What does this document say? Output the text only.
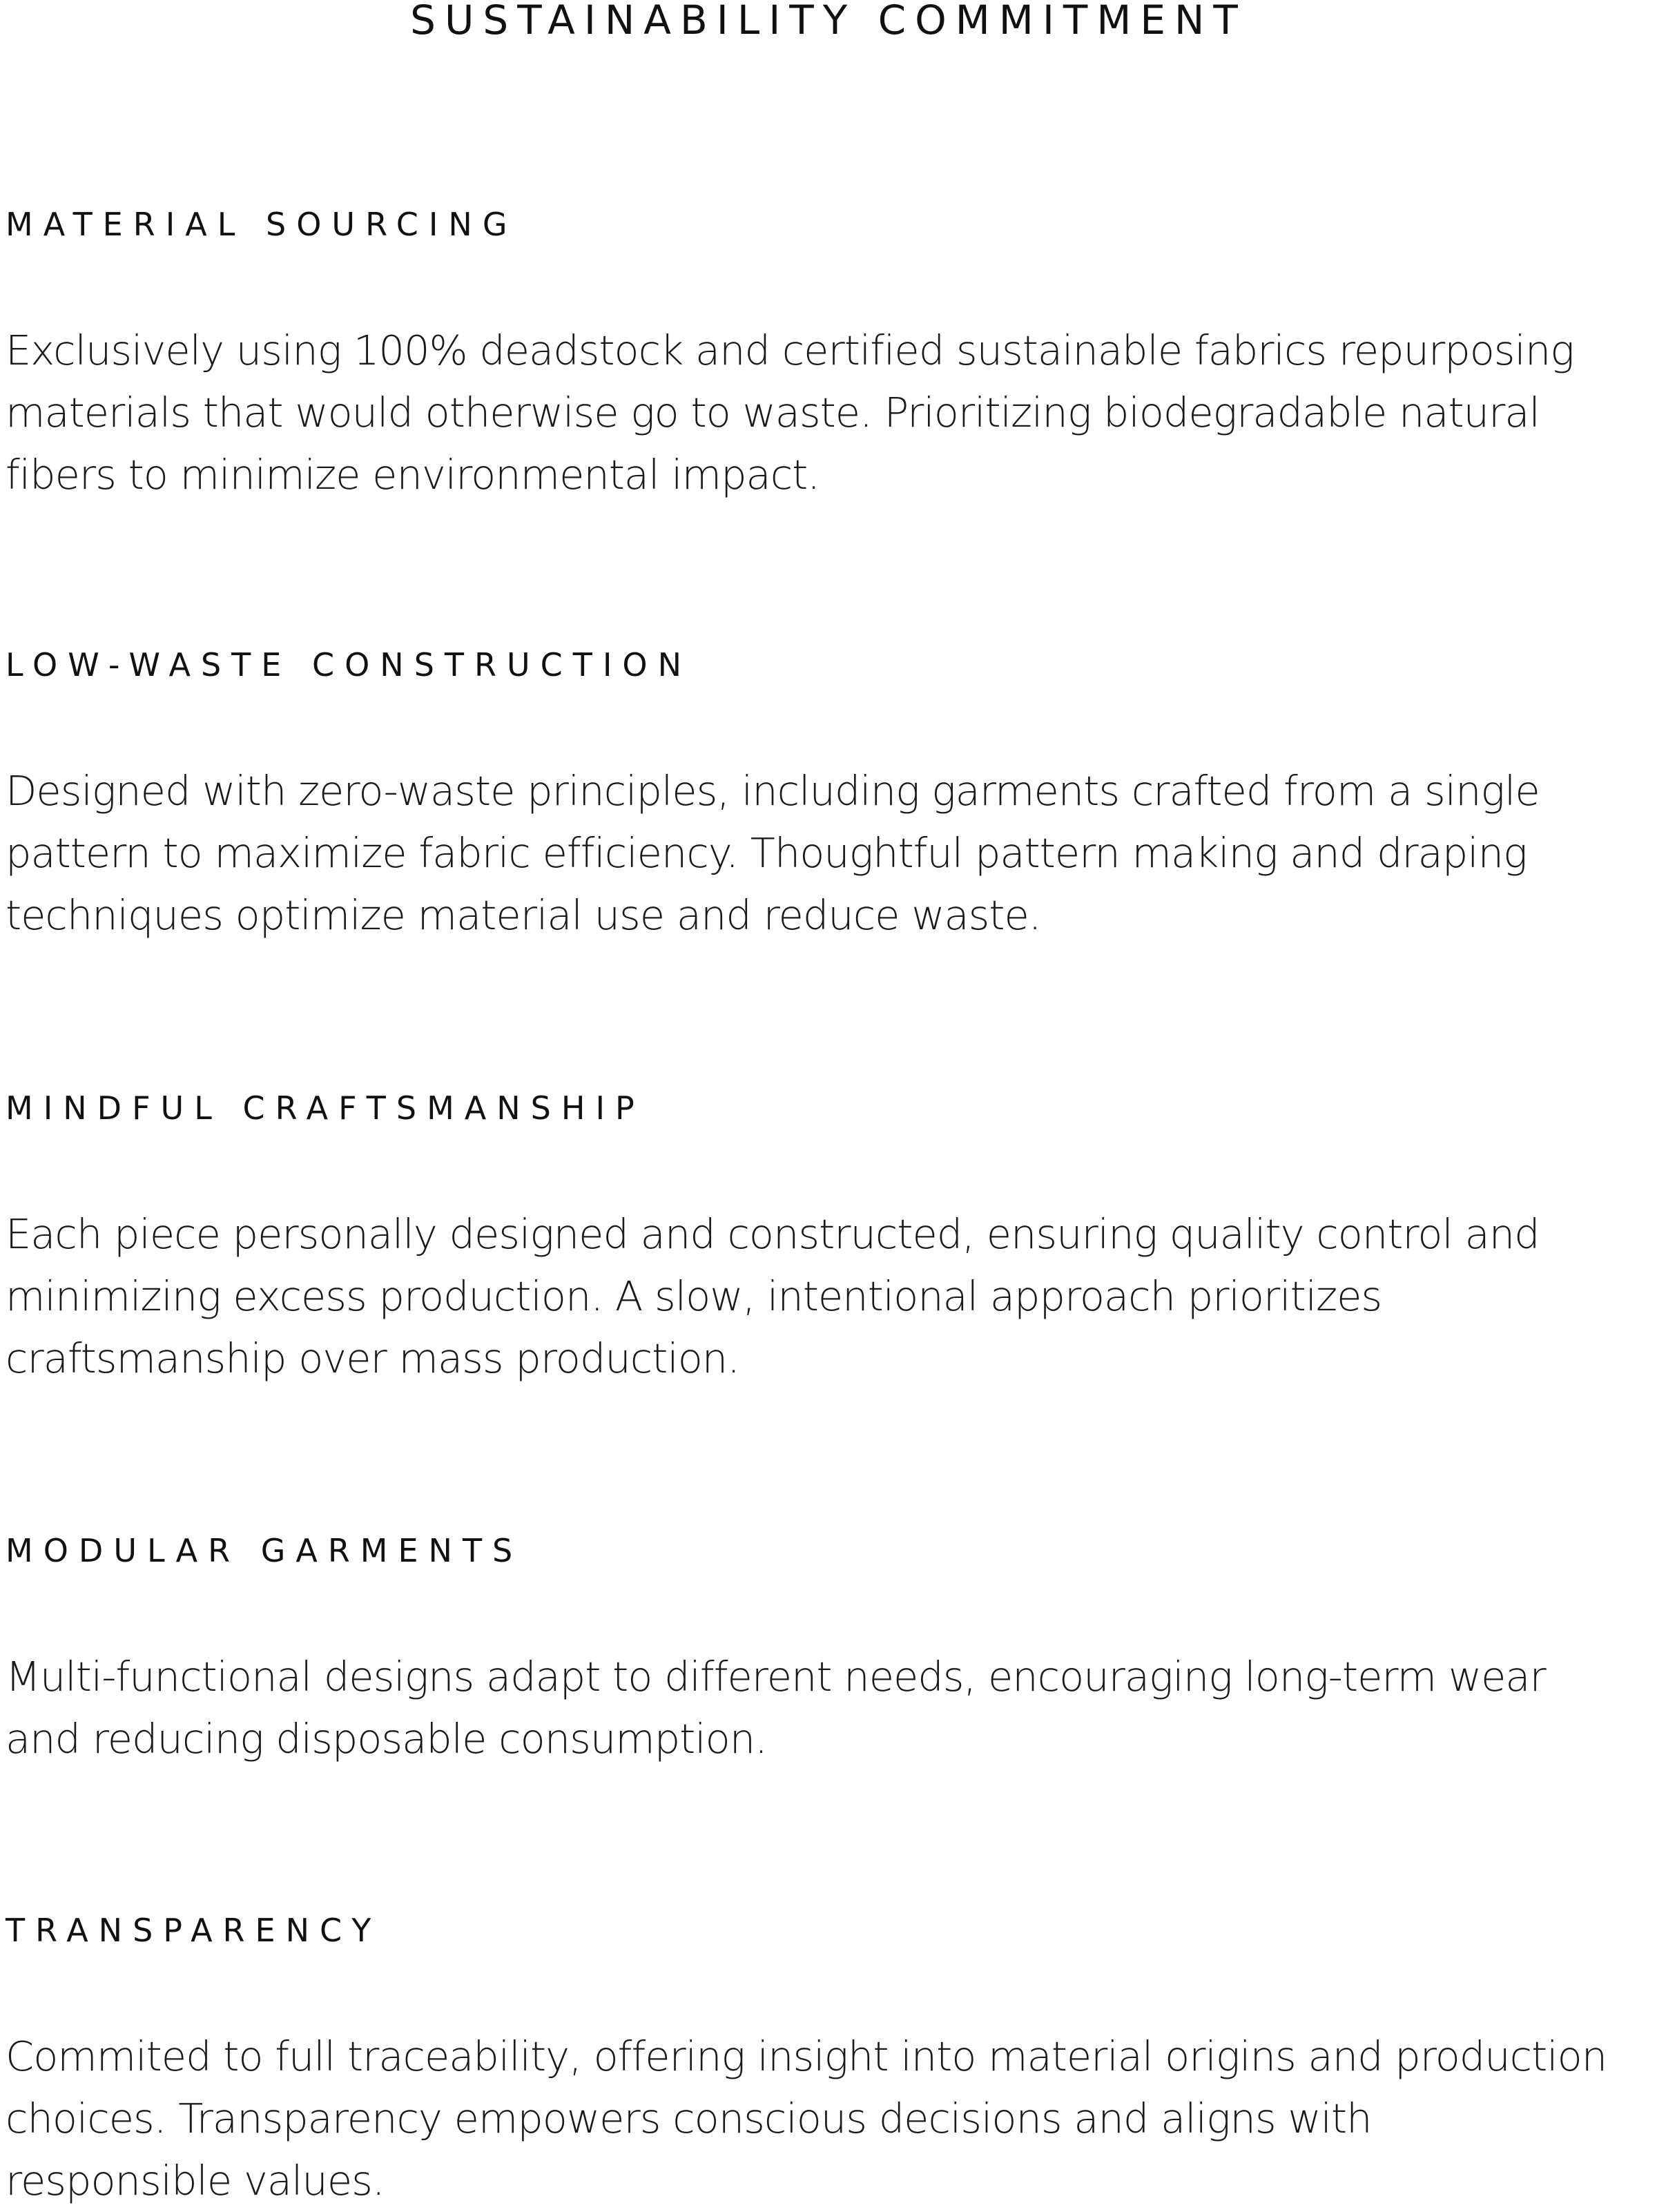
SUSTAINABILITY COMMITMENT
MATERIAL SOURCING
Exclusively using 100% deadstock and certified sustainable fabrics repurposing
materials that would otherwise go to waste. Prioritizing biodegradable natural
fibers to minimize environmental impact.
LOW-WASTE CONSTRUCTION
Designed with zero-waste principles, including garments crafted from a single
pattern to maximize fabric efficiency. Thoughtful pattern making and draping
techniques optimize material use and reduce waste.
MINDFUL CRAFTSMANSHIP
Each piece personally designed and constructed, ensuring quality control and
minimizing excess production. A slow, intentional approach prioritizes
craftsmanship over mass production.
MODULAR GARMENTS
Multi-functional designs adapt to different needs, encouraging long-term wear
and reducing disposable consumption.
TRANSPARENCY
Commited to full traceability, offering insight into material origins and production
choices. Transparency empowers conscious decisions and aligns with
responsible values.
